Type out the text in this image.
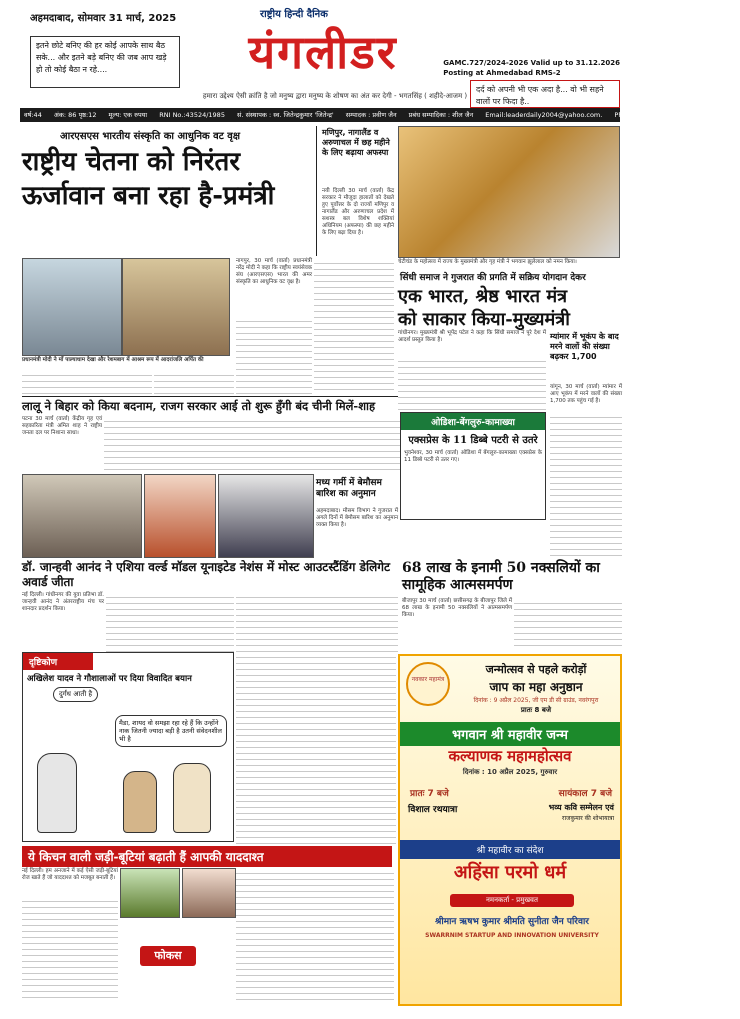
अहमदाबाद, सोमवार 31 मार्च, 2025	राष्ट्रीय हिन्दी दैनिक
इतने छोटे बनिए की हर कोई आपके साथ बैठ सके... और इतने बड़े बनिए की जब आप खड़े हो तो कोई बैठा न रहे....	यंगलीडर	GAMC.727/2024-2026 Valid up to 31.12.2026
Posting at Ahmedabad RMS-2
दर्द को अपनी भी एक अदा है... वो भी सहने वालों पर फिदा है..
हमारा उद्देश्य ऐसी क्रांति है जो मनुष्य द्वारा मनुष्य के शोषण का अंत कर देगी - भगतसिंह ( शहीदे-आजम )
वर्ष:44 अंक: 86 पृष्ठ:12 मूल्य: एक रुपया RNI No.:43524/1985 सं. संस्थापक : स्व. जितेन्द्रकुमार 'जितेन्द्र' सम्पादक : प्रवीण जैन प्रबंध सम्पादिका : शील जैन Email:leaderdaily2004@yahoo.com. Ph:079-25500811 M. : 9824077240
आरएसएस भारतीय संस्कृति का आधुनिक वट वृक्ष
राष्ट्रीय चेतना को निरंतर
ऊर्जावान बना रहा है-प्रमंत्री
प्रधानमंत्री मोदी ने माँ पाल्याधाम देखा और रेशमबाग में आश्रम रूप में आदरांजलि अर्पित की
नागपुर, 30 मार्च (वार्ता) प्रधानमंत्री नरेंद्र मोदी ने कहा कि राष्ट्रीय स्वयंसेवक संघ (आरएसएस) भारत की अमर संस्कृति का आधुनिक वट वृक्ष है।
मणिपुर, नागालैंड व अरुणाचल में छह महीने के लिए बढ़ाया अफस्पा
नयी दिल्ली 30 मार्च (वार्ता) केंद्र सरकार ने मौजूदा हालातों को देखते हुए पूर्वोत्तर के दो राज्यों मणिपुर व नागालैंड और अरुणाचल प्रदेश में सशस्त्र बल विशेष शक्तियां अधिनियम (अफस्पा) की छह महीने के लिए बढ़ा दिया है।
चेटीचंड के महोत्सव में राज्य के मुख्यमंत्री और गृह मंत्री ने भगवान झूलेलाल को नमन किया।
सिंधी समाज ने गुजरात की प्रगति में सक्रिय योगदान देकर
एक भारत, श्रेष्ठ भारत मंत्र
को साकार किया-मुख्यमंत्री
गांधीनगर। मुख्यमंत्री श्री भूपेंद्र पटेल ने कहा कि सिंधी समाज ने पूरे देश में आदर्श प्रस्तुत किया है।	म्यांमार में भूकंप के बाद मरने वालों की संख्या बढ़कर 1,700
यांगून, 30 मार्च (वार्ता) म्यांमार में आए भूकंप में मरने वालों की संख्या 1,700 तक पहुंच गई है।
लालू ने बिहार को किया बदनाम, राजग सरकार आई तो शुरू हुँगी बंद चीनी मिलें-शाह
पटना 30 मार्च (वार्ता) केंद्रीय गृह एवं सहकारिता मंत्री अमित शाह ने राष्ट्रीय जनता दल पर निशाना साधा।
ओडिशा-बेंगलुरु-कामाख्या
एक्सप्रेस के 11 डिब्बे पटरी से उतरे
भुवनेश्वर, 30 मार्च (वार्ता) ओडिशा में बेंगलुरु-कामाख्या एक्सप्रेस के 11 डिब्बे पटरी से उतर गए।
डॉ. जान्हवी आनंद ने एशिया वर्ल्ड मॉडल यूनाइटेड नेशंस में मोस्ट आउटस्टैंडिंग डेलिगेट अवार्ड जीता
नई दिल्ली। गांधीनगर की युवा प्रतिभा डॉ. जान्हवी आनंद ने अंतरराष्ट्रीय मंच पर शानदार प्रदर्शन किया।
मध्य गर्मी में बेमौसम बारिश का अनुमान
अहमदाबाद। मौसम विभाग ने गुजरात में अगले दिनों में बेमौसम बारिश का अनुमान व्यक्त किया है।
68 लाख के इनामी 50 नक्सलियों का सामूहिक आत्मसमर्पण
बीजापुर 30 मार्च (वार्ता) छत्तीसगढ़ के बीजापुर जिले में 68 लाख के इनामी 50 नक्सलियों ने आत्मसमर्पण किया।
दृष्टिकोण
अखिलेश यादव ने गौशालाओं पर दिया विवादित बयान
दुर्गंध आती है
मैडा, शायद वो समझा रहा रहे हैं कि उन्होंने नाक जितनी ज्यादा बड़ी है उतनी संवेदनशील भी है
ये किचन वाली जड़ी-बूटियां बढ़ाती हैं आपकी याददाश्त
नई दिल्ली। हम अनजाने में कई ऐसी जड़ी-बूटियां रोज खाते हैं जो याददाश्त को मजबूत बनाती हैं।
फोकस
नवकार महामंत्र
जन्मोत्सव से पहले करोड़ों
जाप का महा अनुष्ठान
दिनांक : 9 अप्रैल 2025, जी एम डी सी ग्राउंड, नवरंगपुरा
प्रातः 8 बजे
भगवान श्री महावीर जन्म
कल्याणक महामहोत्सव
दिनांक : 10 अप्रैल 2025, गुरुवार
प्रातः 7 बजे
विशाल रथयात्रा
सायंकाल 7 बजे
भव्य कवि सम्मेलन एवं
राजकुमार की शोभायात्रा
श्री महावीर का संदेश
अहिंसा परमो धर्म
नमनकर्ता - प्रमुखवत
श्रीमान ऋषभ कुमार श्रीमति सुनीता जैन परिवार
SWARRNIM STARTUP AND INNOVATION UNIVERSITY
